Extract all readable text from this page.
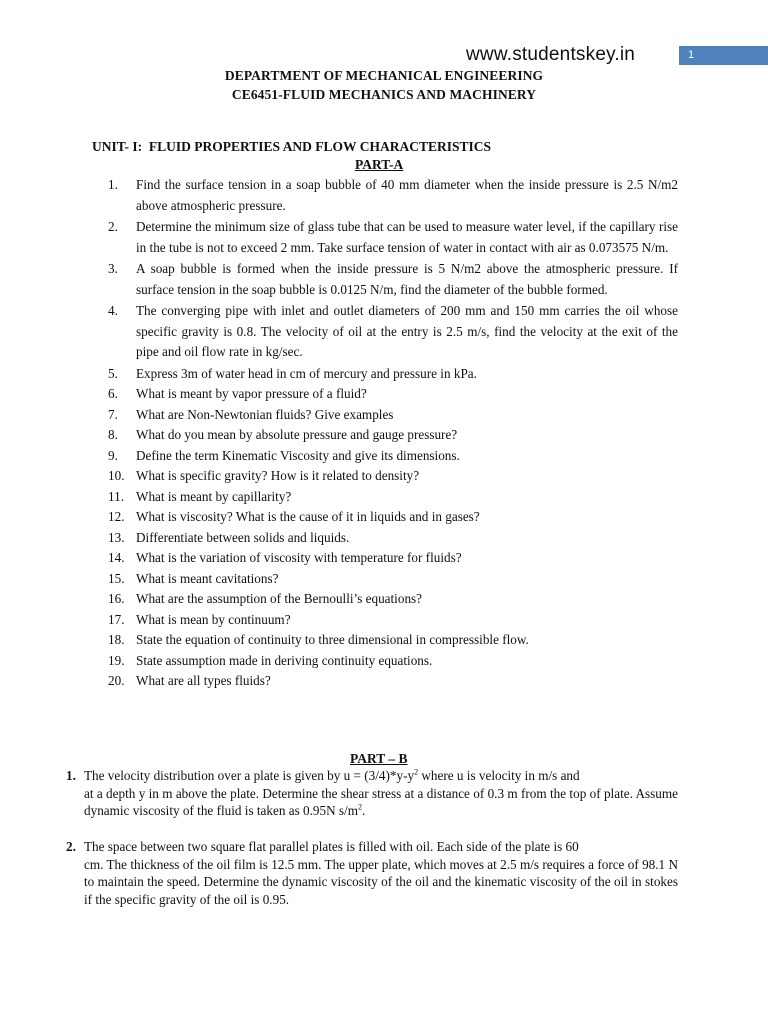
www.studentskey.in	1
DEPARTMENT OF MECHANICAL ENGINEERING
CE6451-FLUID MECHANICS AND MACHINERY
UNIT- I:  FLUID PROPERTIES AND FLOW CHARACTERISTICS
PART-A
1.	Find the surface tension in a soap bubble of 40 mm diameter when the inside pressure is 2.5 N/m2 above atmospheric pressure.
2.	Determine the minimum size of glass tube that can be used to measure water level, if the capillary rise in the tube is not to exceed 2 mm. Take surface tension of water in contact with air as 0.073575 N/m.
3.	A soap bubble is formed when the inside pressure is 5 N/m2 above the atmospheric pressure. If surface tension in the soap bubble is 0.0125 N/m, find the diameter of the bubble formed.
4.	The converging pipe with inlet and outlet diameters of 200 mm and 150 mm carries the oil whose specific gravity is 0.8. The velocity of oil at the entry is 2.5 m/s, find the velocity at the exit of the pipe and oil flow rate in kg/sec.
5.	Express 3m of water head in cm of mercury and pressure in kPa.
6.	What is meant by vapor pressure of a fluid?
7.	What are Non-Newtonian fluids? Give examples
8.	What do you mean by absolute pressure and gauge pressure?
9.	Define the term Kinematic Viscosity and give its dimensions.
10. What is specific gravity? How is it related to density?
11. What is meant by capillarity?
12. What is viscosity? What is the cause of it in liquids and in gases?
13. Differentiate between solids and liquids.
14. What is the variation of viscosity with temperature for fluids?
15. What is meant cavitations?
16. What are the assumption of the Bernoulli’s equations?
17. What is mean by continuum?
18. State the equation of continuity to three dimensional in compressible flow.
19. State assumption made in deriving continuity equations.
20. What are all types fluids?
PART – B
1. The velocity distribution over a plate is given by $u = (3/4)*y-y^2$ where u is velocity in m/s and
at a depth y in m above the plate. Determine the shear stress at a distance of 0.3 m from the top of plate. Assume dynamic viscosity of the fluid is taken as 0.95N $s/m^2$.
2. The space between two square flat parallel plates is filled with oil. Each side of the plate is 60
cm. The thickness of the oil film is 12.5 mm. The upper plate, which moves at 2.5 m/s requires a force of 98.1 N to maintain the speed. Determine the dynamic viscosity of the oil and the kinematic viscosity of the oil in stokes if the specific gravity of the oil is 0.95.
